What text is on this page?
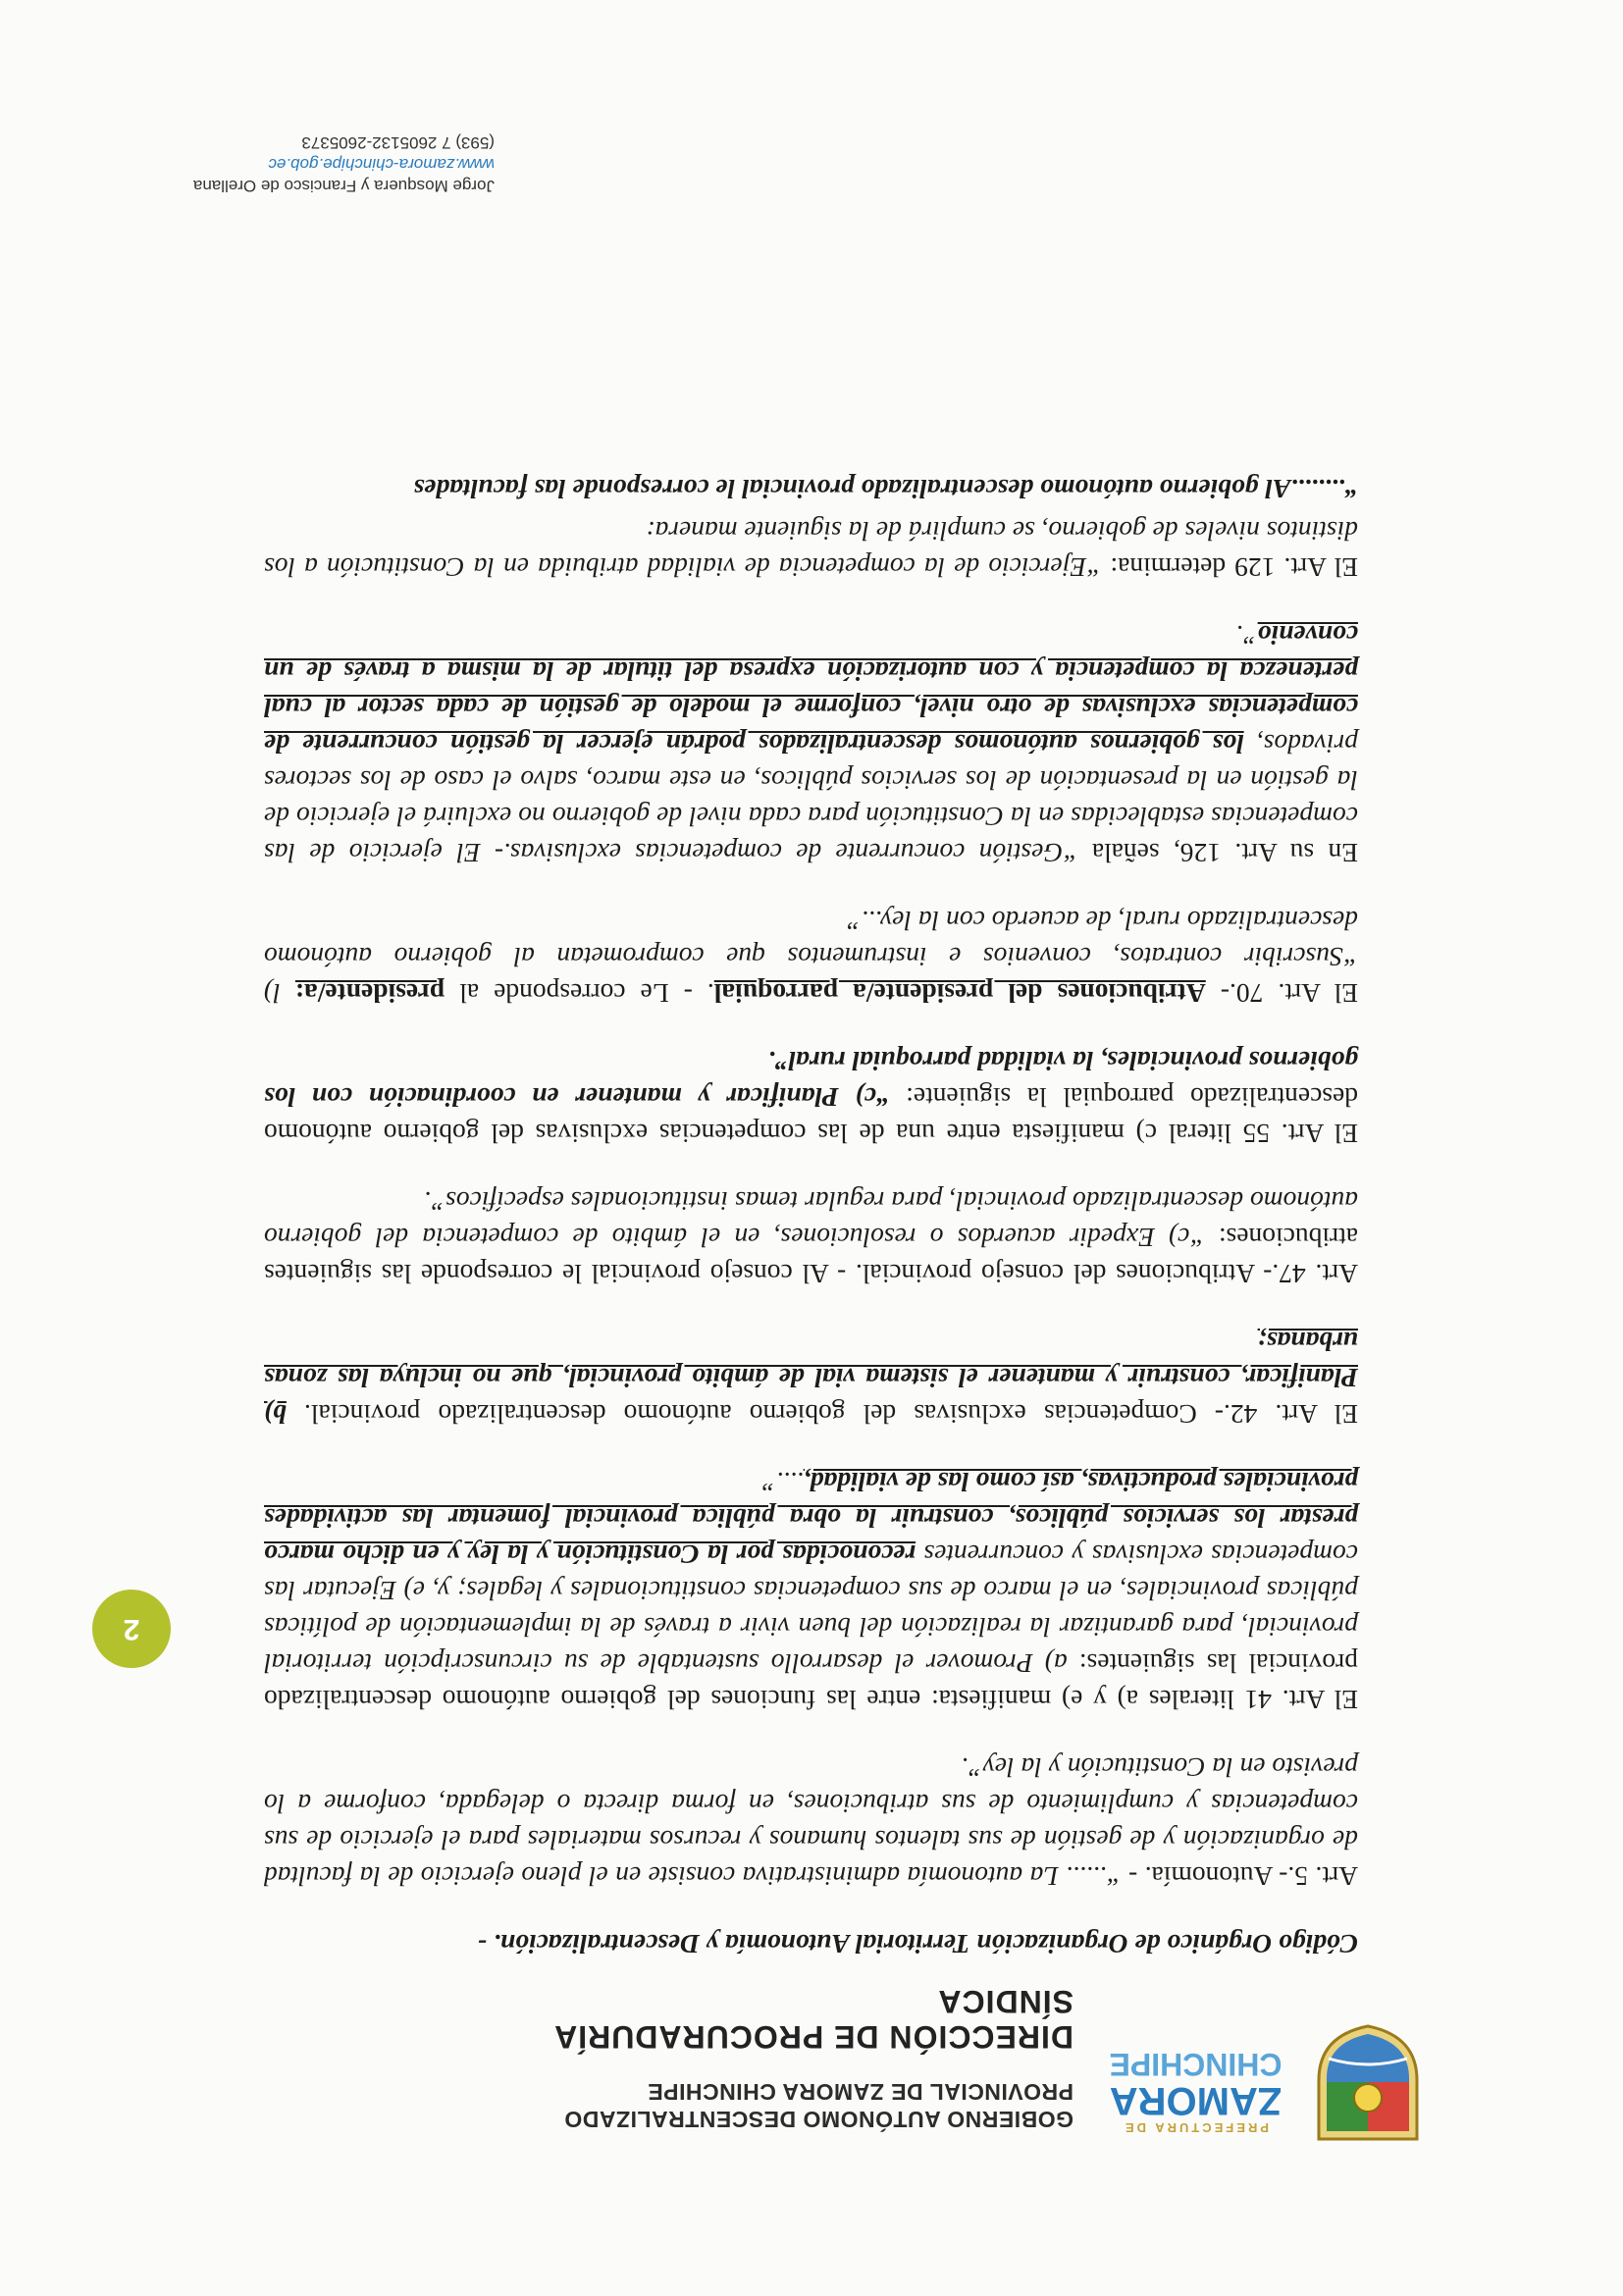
PREFECTURA DE
ZAMORA
CHINCHIPE
GOBIERNO AUTÓNOMO DESCENTRALIZADO
PROVINCIAL DE ZAMORA CHINCHIPE
DIRECCIÓN DE PROCURADURÍA SÍNDICA

Código Orgánico de Organización Territorial Autonomía y Descentralización. -

Art. 5.- Autonomía. - “...... La autonomía administrativa consiste en el pleno ejercicio de la facultad de organización y de gestión de sus talentos humanos y recursos materiales para el ejercicio de sus competencias y cumplimiento de sus atribuciones, en forma directa o delegada, conforme a lo previsto en la Constitución y la ley”.

El Art. 41 literales a) y e) manifiesta: entre las funciones del gobierno autónomo descentralizado provincial las siguientes: a) Promover el desarrollo sustentable de su circunscripción territorial provincial, para garantizar la realización del buen vivir a través de la implementación de políticas públicas provinciales, en el marco de sus competencias constitucionales y legales; y, e) Ejecutar las competencias exclusivas y concurrentes reconocidas por la Constitución y la ley y en dicho marco prestar los servicios públicos, construir la obra pública provincial fomentar las actividades provinciales productivas, así como las de vialidad,....”

El Art. 42.- Competencias exclusivas del gobierno autónomo descentralizado provincial. b) Planificar, construir y mantener el sistema vial de ámbito provincial, que no incluya las zonas urbanas;

Art. 47.- Atribuciones del consejo provincial. - Al consejo provincial le corresponde las siguientes atribuciones: “c) Expedir acuerdos o resoluciones, en el ámbito de competencia del gobierno autónomo descentralizado provincial, para regular temas institucionales específicos”.

El Art. 55 literal c) manifiesta entre una de las competencias exclusivas del gobierno autónomo descentralizado parroquial la siguiente: “c) Planificar y mantener en coordinación con los gobiernos provinciales, la vialidad parroquial rural”.

El Art. 70.- Atribuciones del presidente/a parroquial. - Le corresponde al presidente/a: l) “Suscribir contratos, convenios e instrumentos que comprometan al gobierno autónomo descentralizado rural, de acuerdo con la ley...”

En su Art. 126, señala “Gestión concurrente de competencias exclusivas.- El ejercicio de las competencias establecidas en la Constitución para cada nivel de gobierno no excluirá el ejercicio de la gestión en la presentación de los servicios públicos, en este marco, salvo el caso de los sectores privados, los gobiernos autónomos descentralizados podrán ejercer la gestión concurrente de competencias exclusivas de otro nivel, conforme el modelo de gestión de cada sector al cual pertenezca la competencia y con autorización expresa del titular de la misma a través de un convenio”.

El Art. 129 determina: “Ejercicio de la competencia de vialidad atribuida en la Constitución a los distintos niveles de gobierno, se cumplirá de la siguiente manera:

“........Al gobierno autónomo descentralizado provincial le corresponde las facultades

2
Jorge Mosquera y Francisco de Orellana
www.zamora-chinchipe.gob.ec
(593) 7 2605132-2605373
